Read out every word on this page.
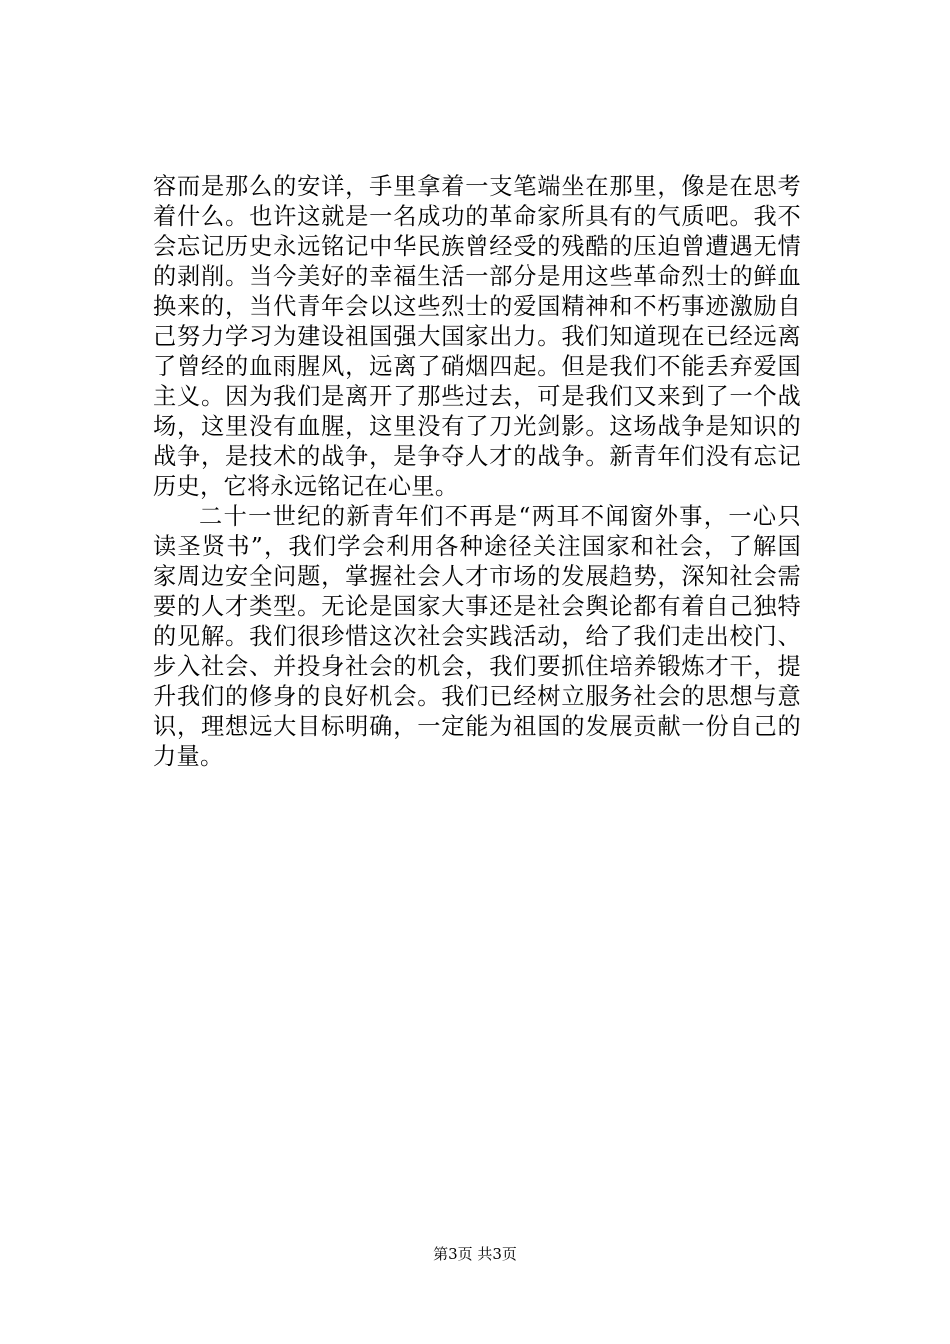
容而是那么的安详，手里拿着一支笔端坐在那里，像是在思考
着什么。也许这就是一名成功的革命家所具有的气质吧。我不
会忘记历史永远铭记中华民族曾经受的残酷的压迫曾遭遇无情
的剥削。当今美好的幸福生活一部分是用这些革命烈士的鲜血
换来的，当代青年会以这些烈士的爱国精神和不朽事迹激励自
己努力学习为建设祖国强大国家出力。我们知道现在已经远离
了曾经的血雨腥风，远离了硝烟四起。但是我们不能丢弃爱国
主义。因为我们是离开了那些过去，可是我们又来到了一个战
场，这里没有血腥，这里没有了刀光剑影。这场战争是知识的
战争，是技术的战争，是争夺人才的战争。新青年们没有忘记
历史，它将永远铭记在心里。
二十一世纪的新青年们不再是“两耳不闻窗外事，一心只
读圣贤书”，我们学会利用各种途径关注国家和社会，了解国
家周边安全问题，掌握社会人才市场的发展趋势，深知社会需
要的人才类型。无论是国家大事还是社会舆论都有着自己独特
的见解。我们很珍惜这次社会实践活动，给了我们走出校门、
步入社会、并投身社会的机会，我们要抓住培养锻炼才干，提
升我们的修身的良好机会。我们已经树立服务社会的思想与意
识，理想远大目标明确，一定能为祖国的发展贡献一份自己的
力量。
第3页 共3页
